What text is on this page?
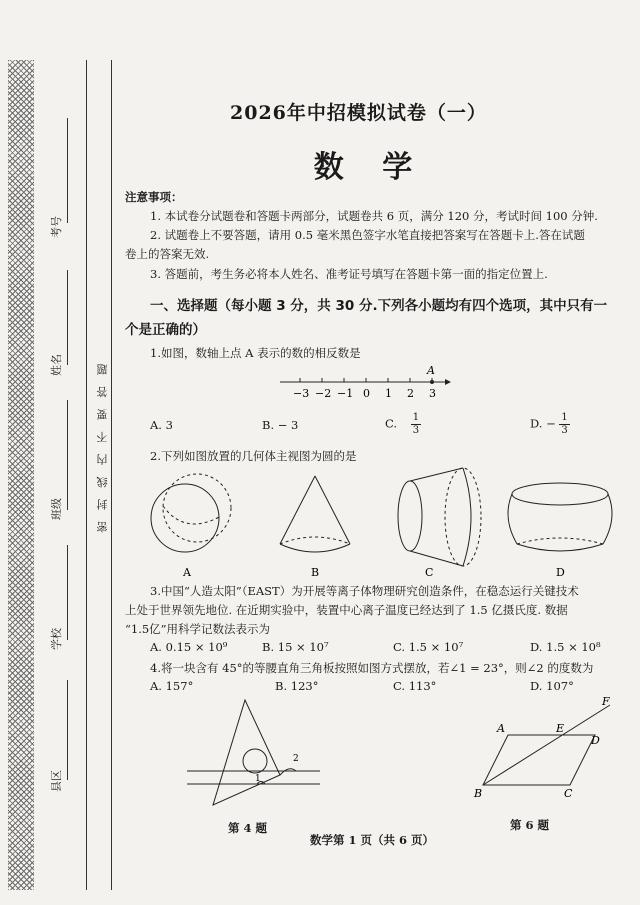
考号
姓名
班级
学校
县区
密 封 线 内 不 要 答 题
2026年中招模拟试卷（一）
数 学
注意事项：
1. 本试卷分试题卷和答题卡两部分，试题卷共 6 页，满分 120 分，考试时间 100 分钟.
2. 试题卷上不要答题，请用 0.5 毫米黑色签字水笔直接把答案写在答题卡上.答在试题
卷上的答案无效.
3. 答题前，考生务必将本人姓名、准考证号填写在答题卡第一面的指定位置上.
一、选择题（每小题 3 分，共 30 分.下列各小题均有四个选项，其中只有一
个是正确的）
1.如图，数轴上点 A 表示的数的相反数是
−3 −2 −1 0 1 2 3
A
A. 3	B. − 3	C. $\frac{1}{3}$	D. − $\frac{1}{3}$
2.下列如图放置的几何体主视图为圆的是
A	B	C	D
3.中国“人造太阳”（EAST）为开展等离子体物理研究创造条件，在稳态运行关键技术
上处于世界领先地位. 在近期实验中，装置中心离子温度已经达到了 1.5 亿摄氏度. 数据
“1.5亿”用科学记数法表示为
A. 0.15 × 10⁹	B. 15 × 10⁷	C. 1.5 × 10⁷	D. 1.5 × 10⁸
4.将一块含有 45°的等腰直角三角板按照如图方式摆放，若∠1 = 23°，则∠2 的度数为
A. 157°	B. 123°	C. 113°	D. 107°
1
2
第 4 题
A	E
F
D
B	C
第 6 题
数学第 1 页（共 6 页）
